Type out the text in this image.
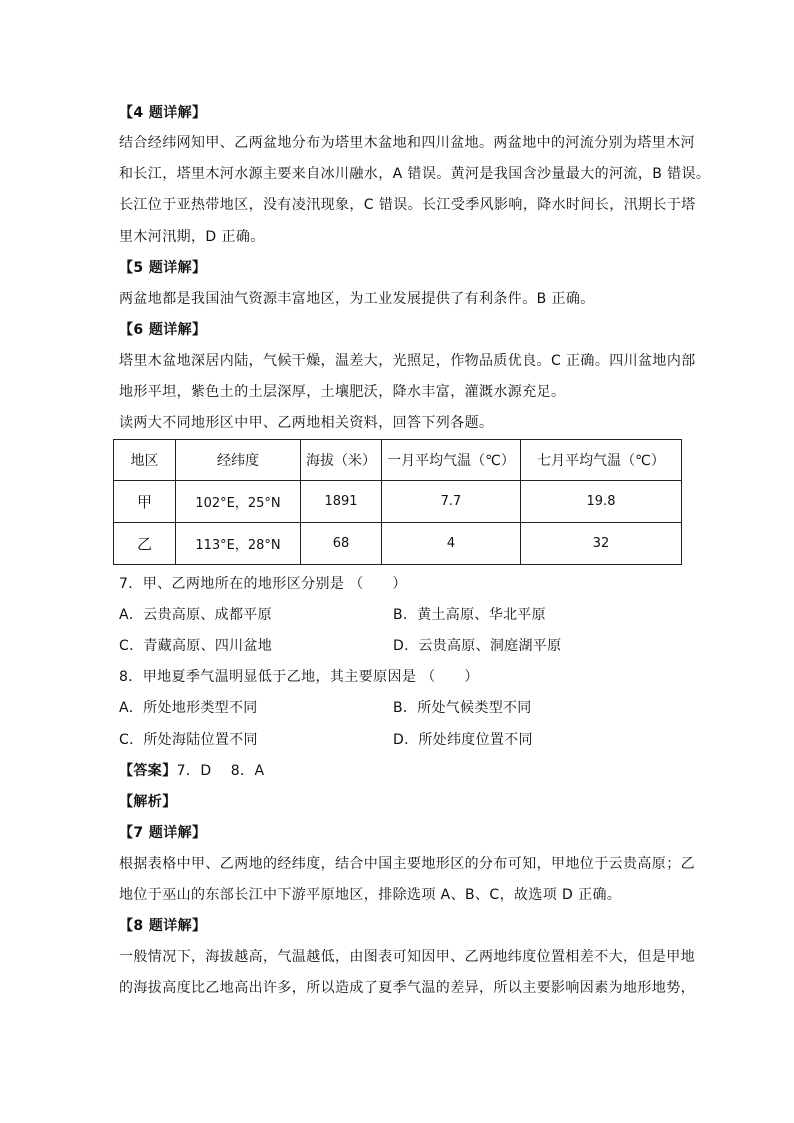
【4 题详解】
结合经纬网知甲、乙两盆地分布为塔里木盆地和四川盆地。两盆地中的河流分别为塔里木河
和长江，塔里木河水源主要来自冰川融水，A 错误。黄河是我国含沙量最大的河流，B 错误。
长江位于亚热带地区，没有凌汛现象，C 错误。长江受季风影响，降水时间长，汛期长于塔
里木河汛期，D 正确。
【5 题详解】
两盆地都是我国油气资源丰富地区，为工业发展提供了有利条件。B 正确。
【6 题详解】
塔里木盆地深居内陆，气候干燥，温差大，光照足，作物品质优良。C 正确。四川盆地内部
地形平坦，紫色土的土层深厚，土壤肥沃，降水丰富，灌溉水源充足。
读两大不同地形区中甲、乙两地相关资料，回答下列各题。
地区	经纬度	海拔（米）	一月平均气温（℃）	七月平均气温（℃）
甲	102°E，25°N	1891	7.7	19.8
乙	113°E，28°N	68	4	32
7．甲、乙两地所在的地形区分别是 （　　）
A．云贵高原、成都平原	B．黄土高原、华北平原
C．青藏高原、四川盆地	D．云贵高原、洞庭湖平原
8．甲地夏季气温明显低于乙地，其主要原因是 （　　）
A．所处地形类型不同	B．所处气候类型不同
C．所处海陆位置不同	D．所处纬度位置不同
【答案】7．D　 8．A
【解析】
【7 题详解】
根据表格中甲、乙两地的经纬度，结合中国主要地形区的分布可知，甲地位于云贵高原；乙
地位于巫山的东部长江中下游平原地区，排除选项 A、B、C，故选项 D 正确。
【8 题详解】
一般情况下，海拔越高，气温越低，由图表可知因甲、乙两地纬度位置相差不大，但是甲地
的海拔高度比乙地高出许多，所以造成了夏季气温的差异，所以主要影响因素为地形地势，
